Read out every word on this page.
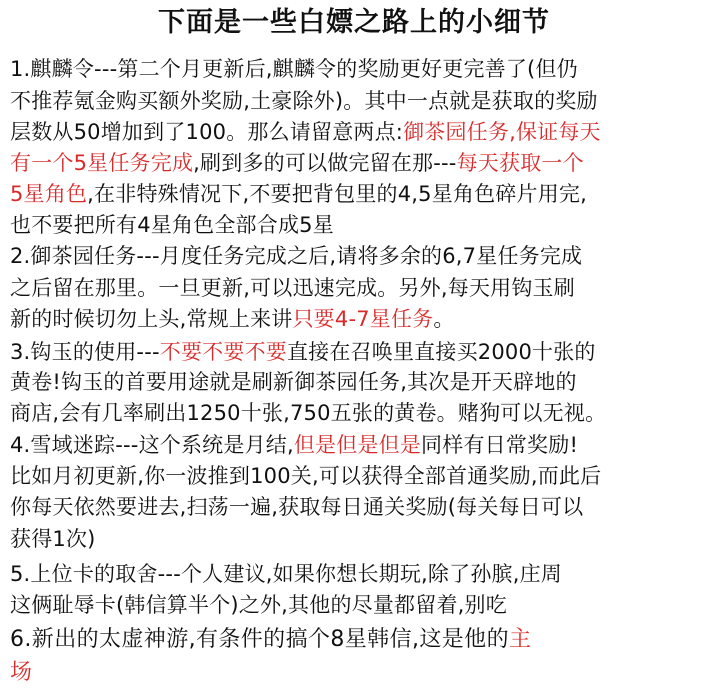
下面是一些白嫖之路上的小细节
1.麒麟令---第二个月更新后,麒麟令的奖励更好更完善了(但仍
不推荐氪金购买额外奖励,土豪除外)。其中一点就是获取的奖励
层数从50增加到了100。那么请留意两点:御茶园任务,保证每天
有一个5星任务完成,刷到多的可以做完留在那---每天获取一个
5星角色,在非特殊情况下,不要把背包里的4,5星角色碎片用完,
也不要把所有4星角色全部合成5星
2.御茶园任务---月度任务完成之后,请将多余的6,7星任务完成
之后留在那里。一旦更新,可以迅速完成。另外,每天用钩玉刷
新的时候切勿上头,常规上来讲只要4-7星任务。
3.钩玉的使用---不要不要不要直接在召唤里直接买2000十张的
黄卷!钩玉的首要用途就是刷新御茶园任务,其次是开天辟地的
商店,会有几率刷出1250十张,750五张的黄卷。赌狗可以无视。
4.雪域迷踪---这个系统是月结,但是但是但是同样有日常奖励!
比如月初更新,你一波推到100关,可以获得全部首通奖励,而此后
你每天依然要进去,扫荡一遍,获取每日通关奖励(每关每日可以
获得1次)
5.上位卡的取舍---个人建议,如果你想长期玩,除了孙膑,庄周
这俩耻辱卡(韩信算半个)之外,其他的尽量都留着,别吃
6.新出的太虚神游,有条件的搞个8星韩信,这是他的主
场
